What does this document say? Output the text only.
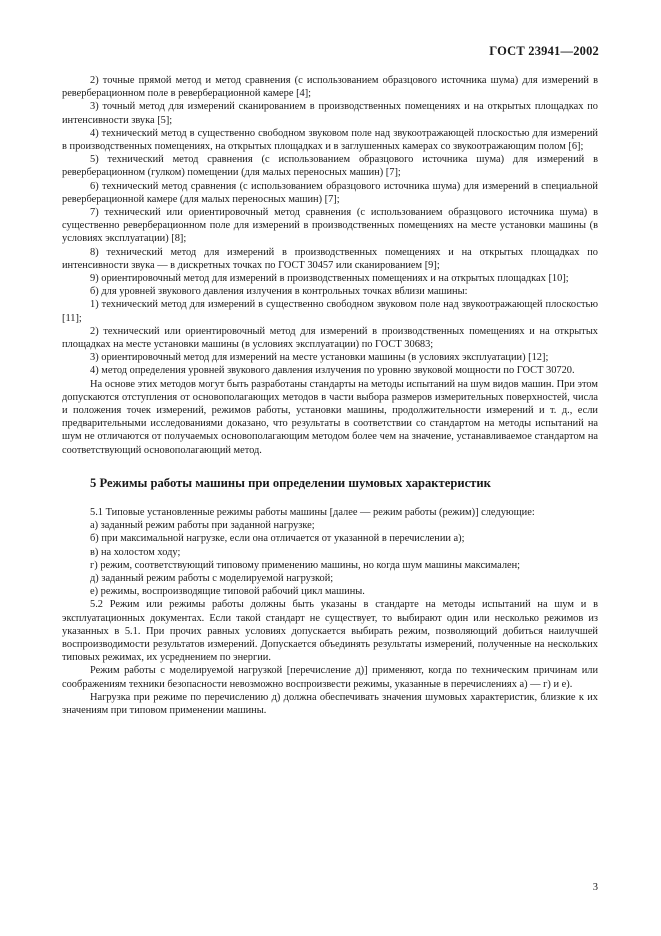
ГОСТ 23941—2002

2) точные прямой метод и метод сравнения (с использованием образцового источника шума) для измерений в реверберационном поле в реверберационной камере [4];

3) точный метод для измерений сканированием в производственных помещениях и на открытых площадках по интенсивности звука [5];

4) технический метод в существенно свободном звуковом поле над звукоотражающей плоскостью для измерений в производственных помещениях, на открытых площадках и в заглушенных камерах со звукоотражающим полом [6];

5) технический метод сравнения (с использованием образцового источника шума) для измерений в реверберационном (гулком) помещении (для малых переносных машин) [7];

6) технический метод сравнения (с использованием образцового источника шума) для измерений в специальной реверберационной камере (для малых переносных машин) [7];

7) технический или ориентировочный метод сравнения (с использованием образцового источника шума) в существенно реверберационном поле для измерений в производственных помещениях на месте установки машины (в условиях эксплуатации) [8];

8) технический метод для измерений в производственных помещениях и на открытых площадках по интенсивности звука — в дискретных точках по ГОСТ 30457 или сканированием [9];

9) ориентировочный метод для измерений в производственных помещениях и на открытых площадках [10];

б) для уровней звукового давления излучения в контрольных точках вблизи машины:

1) технический метод для измерений в существенно свободном звуковом поле над звукоотражающей плоскостью [11];

2) технический или ориентировочный метод для измерений в производственных помещениях и на открытых площадках на месте установки машины (в условиях эксплуатации) по ГОСТ 30683;

3) ориентировочный метод для измерений на месте установки машины (в условиях эксплуатации) [12];

4) метод определения уровней звукового давления излучения по уровню звуковой мощности по ГОСТ 30720.

На основе этих методов могут быть разработаны стандарты на методы испытаний на шум видов машин. При этом допускаются отступления от основополагающих методов в части выбора размеров измерительных поверхностей, числа и положения точек измерений, режимов работы, установки машины, продолжительности измерений и т. д., если предварительными исследованиями доказано, что результаты в соответствии со стандартом на методы испытаний на шум не отличаются от получаемых основополагающим методом более чем на значение, устанавливаемое стандартом на соответствующий основополагающий метод.

5 Режимы работы машины при определении шумовых характеристик

5.1 Типовые установленные режимы работы машины [далее — режим работы (режим)] следующие:

а) заданный режим работы при заданной нагрузке;

б) при максимальной нагрузке, если она отличается от указанной в перечислении а);

в) на холостом ходу;

г) режим, соответствующий типовому применению машины, но когда шум машины максимален;

д) заданный режим работы с моделируемой нагрузкой;

е) режимы, воспроизводящие типовой рабочий цикл машины.

5.2 Режим или режимы работы должны быть указаны в стандарте на методы испытаний на шум и в эксплуатационных документах. Если такой стандарт не существует, то выбирают один или несколько режимов из указанных в 5.1. При прочих равных условиях допускается выбирать режим, позволяющий добиться наилучшей воспроизводимости результатов измерений. Допускается объединять результаты измерений, полученные на нескольких типовых режимах, их усреднением по энергии.

Режим работы с моделируемой нагрузкой [перечисление д)] применяют, когда по техническим причинам или соображениям техники безопасности невозможно воспроизвести режимы, указанные в перечислениях а) — г) и е).

Нагрузка при режиме по перечислению д) должна обеспечивать значения шумовых характеристик, близкие к их значениям при типовом применении машины.

3
